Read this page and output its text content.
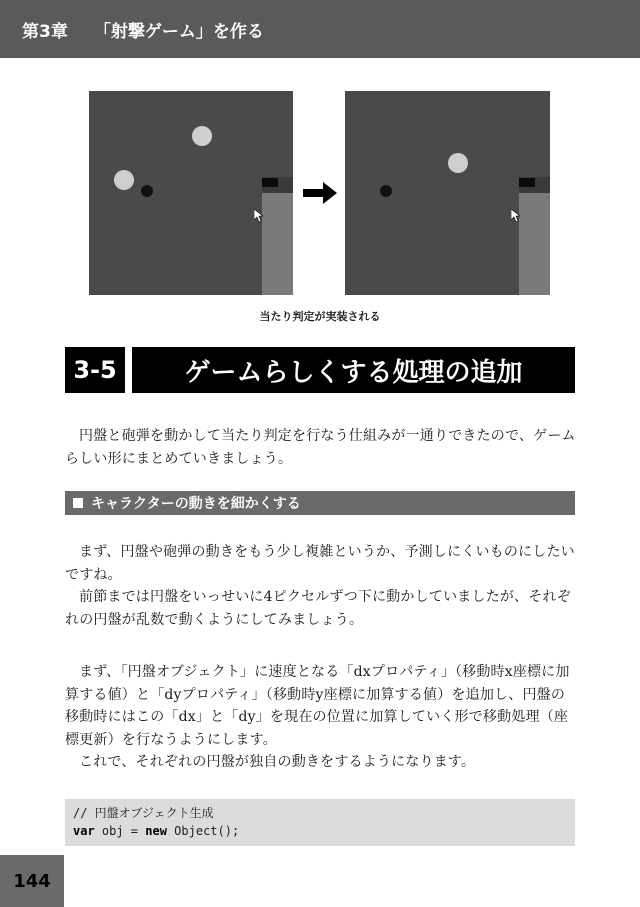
第3章 「射撃ゲーム」を作る
当たり判定が実装される
3-5	ゲームらしくする処理の追加

円盤と砲弾を動かして当たり判定を行なう仕組みが一通りできたので、ゲームらしい形にまとめていきましょう。

キャラクターの動きを細かくする

まず、円盤や砲弾の動きをもう少し複雑というか、予測しにくいものにしたいですね。

前節までは円盤をいっせいに4ピクセルずつ下に動かしていましたが、それぞれの円盤が乱数で動くようにしてみましょう。

まず、「円盤オブジェクト」に速度となる「dxプロパティ」（移動時x座標に加算する値）と「dyプロパティ」（移動時y座標に加算する値）を追加し、円盤の移動時にはこの「dx」と「dy」を現在の位置に加算していく形で移動処理（座標更新）を行なうようにします。

これで、それぞれの円盤が独自の動きをするようになります。

// 円盤オブジェクト生成
var obj = new Object();
144
